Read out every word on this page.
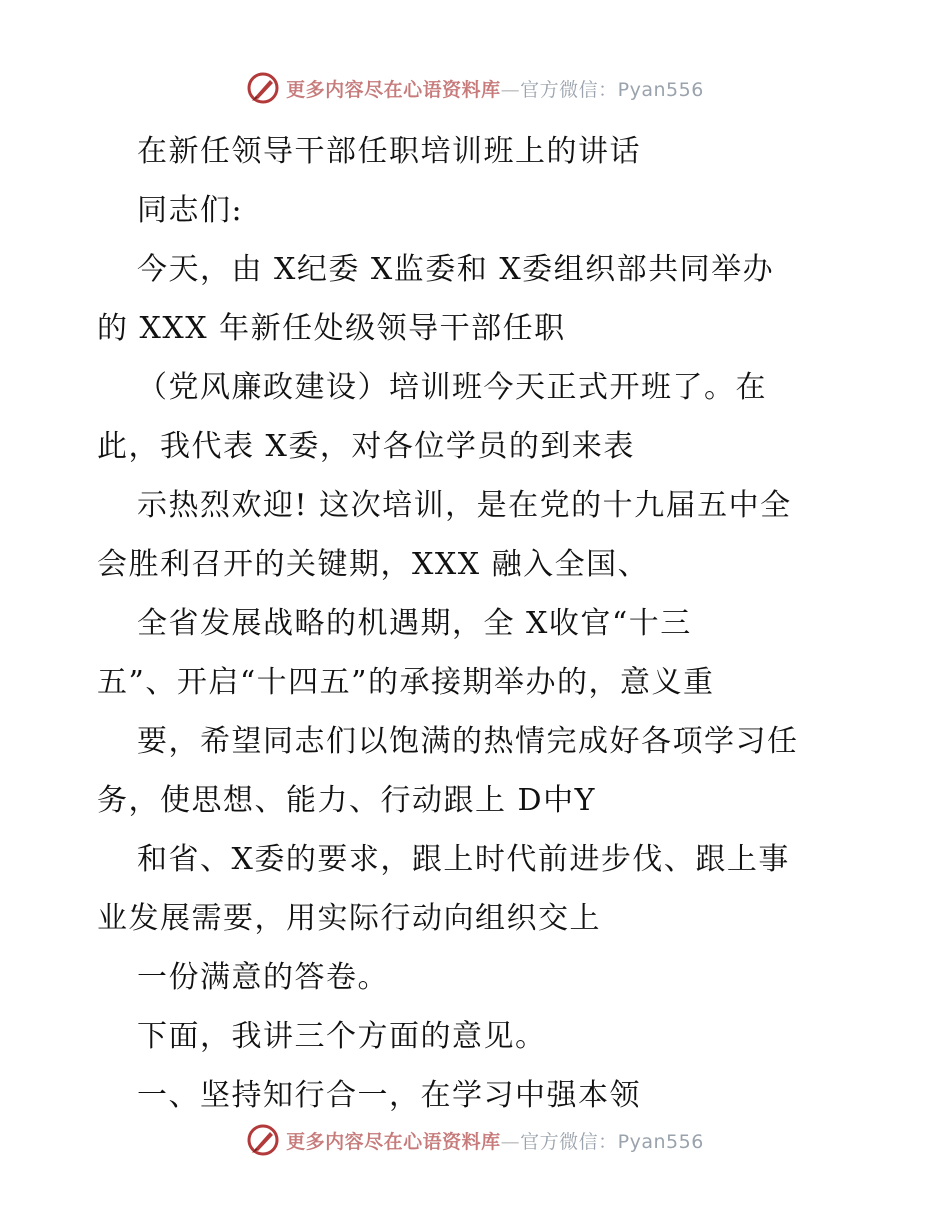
更多内容尽在心语资料库—官方微信：Pyan556
在新任领导干部任职培训班上的讲话
同志们:
今天，由 X纪委 X监委和 X委组织部共同举办
的 XXX 年新任处级领导干部任职
（党风廉政建设）培训班今天正式开班了。在
此，我代表 X委，对各位学员的到来表
示热烈欢迎! 这次培训，是在党的十九届五中全
会胜利召开的关键期，XXX 融入全国、
全省发展战略的机遇期，全 X收官“十三
五”、开启“十四五”的承接期举办的，意义重
要，希望同志们以饱满的热情完成好各项学习任
务，使思想、能力、行动跟上 D中Y
和省、X委的要求，跟上时代前进步伐、跟上事
业发展需要，用实际行动向组织交上
一份满意的答卷。
下面，我讲三个方面的意见。
一、坚持知行合一，在学习中强本领
更多内容尽在心语资料库—官方微信：Pyan556
